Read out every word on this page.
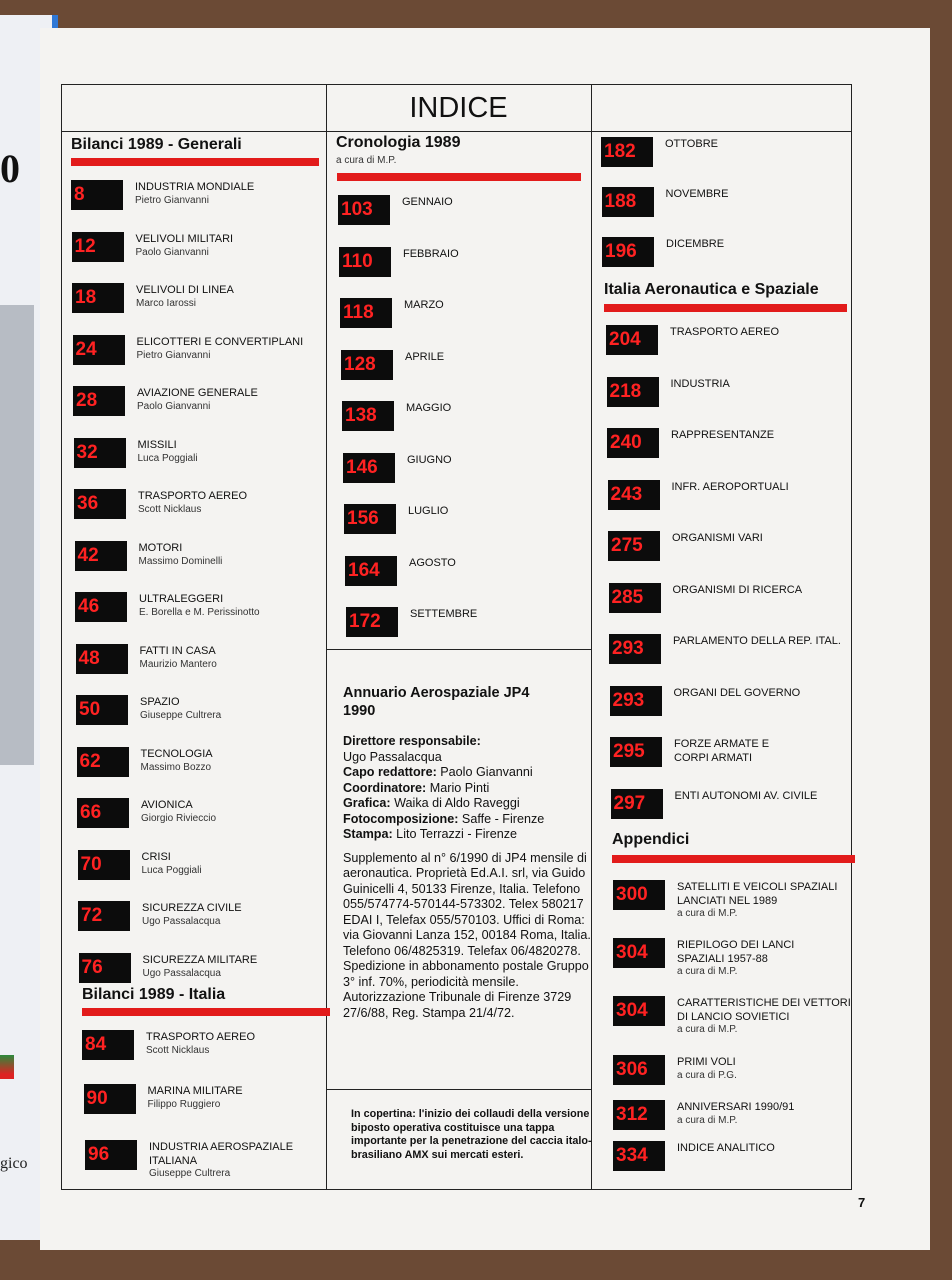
0
gico
INDICE
Bilanci 1989 - Generali
8	INDUSTRIA MONDIALE
Pietro Gianvanni
12	VELIVOLI MILITARI
Paolo Gianvanni
18	VELIVOLI DI LINEA
Marco Iarossi
24	ELICOTTERI E CONVERTIPLANI
Pietro Gianvanni
28	AVIAZIONE GENERALE
Paolo Gianvanni
32	MISSILI
Luca Poggiali
36	TRASPORTO AEREO
Scott Nicklaus
42	MOTORI
Massimo Dominelli
46	ULTRALEGGERI
E. Borella e M. Perissinotto
48	FATTI IN CASA
Maurizio Mantero
50	SPAZIO
Giuseppe Cultrera
62	TECNOLOGIA
Massimo Bozzo
66	AVIONICA
Giorgio Rivieccio
70	CRISI
Luca Poggiali
72	SICUREZZA CIVILE
Ugo Passalacqua
76	SICUREZZA MILITARE
Ugo Passalacqua
Bilanci 1989 - Italia
84	TRASPORTO AEREO
Scott Nicklaus
90	MARINA MILITARE
Filippo Ruggiero
96	INDUSTRIA AEROSPAZIALE
ITALIANA
Giuseppe Cultrera
Cronologia 1989
a cura di M.P.
103	GENNAIO
110	FEBBRAIO
118	MARZO
128	APRILE
138	MAGGIO
146	GIUGNO
156	LUGLIO
164	AGOSTO
172	SETTEMBRE
182	OTTOBRE
188	NOVEMBRE
196	DICEMBRE
Italia Aeronautica e Spaziale
204	TRASPORTO AEREO
218	INDUSTRIA
240	RAPPRESENTANZE
243	INFR. AEROPORTUALI
275	ORGANISMI VARI
285	ORGANISMI DI RICERCA
293	PARLAMENTO DELLA REP. ITAL.
293	ORGANI DEL GOVERNO
295	FORZE ARMATE E
CORPI ARMATI
297	ENTI AUTONOMI AV. CIVILE
Appendici
300	SATELLITI E VEICOLI SPAZIALI
LANCIATI NEL 1989
a cura di M.P.
304	RIEPILOGO DEI LANCI
SPAZIALI 1957-88
a cura di M.P.
304	CARATTERISTICHE DEI VETTORI
DI LANCIO SOVIETICI
a cura di M.P.
306	PRIMI VOLI
a cura di P.G.
312	ANNIVERSARI 1990/91
a cura di M.P.
334	INDICE ANALITICO
Annuario Aerospaziale JP4
1990

Direttore responsabile:

Ugo Passalacqua

Capo redattore: Paolo Gianvanni

Coordinatore: Mario Pinti

Grafica: Waika di Aldo Raveggi

Fotocomposizione: Saffe - Firenze

Stampa: Lito Terrazzi - Firenze

Supplemento al n° 6/1990 di JP4 mensile di aeronautica. Proprietà Ed.A.I. srl, via Guido Guinicelli 4, 50133 Firenze, Italia. Telefono 055/574774-570144-573302. Telex 580217 EDAI I, Telefax 055/570103. Uffici di Roma: via Giovanni Lanza 152, 00184 Roma, Italia. Telefono 06/4825319. Telefax 06/4820278. Spedizione in abbonamento postale Gruppo 3° inf. 70%, periodicità mensile. Autorizzazione Tribunale di Firenze 3729 27/6/88, Reg. Stampa 21/4/72.

In copertina: l'inizio dei collaudi della versione biposto operativa costituisce una tappa importante per la penetrazione del caccia italo-brasiliano AMX sui mercati esteri.
7
